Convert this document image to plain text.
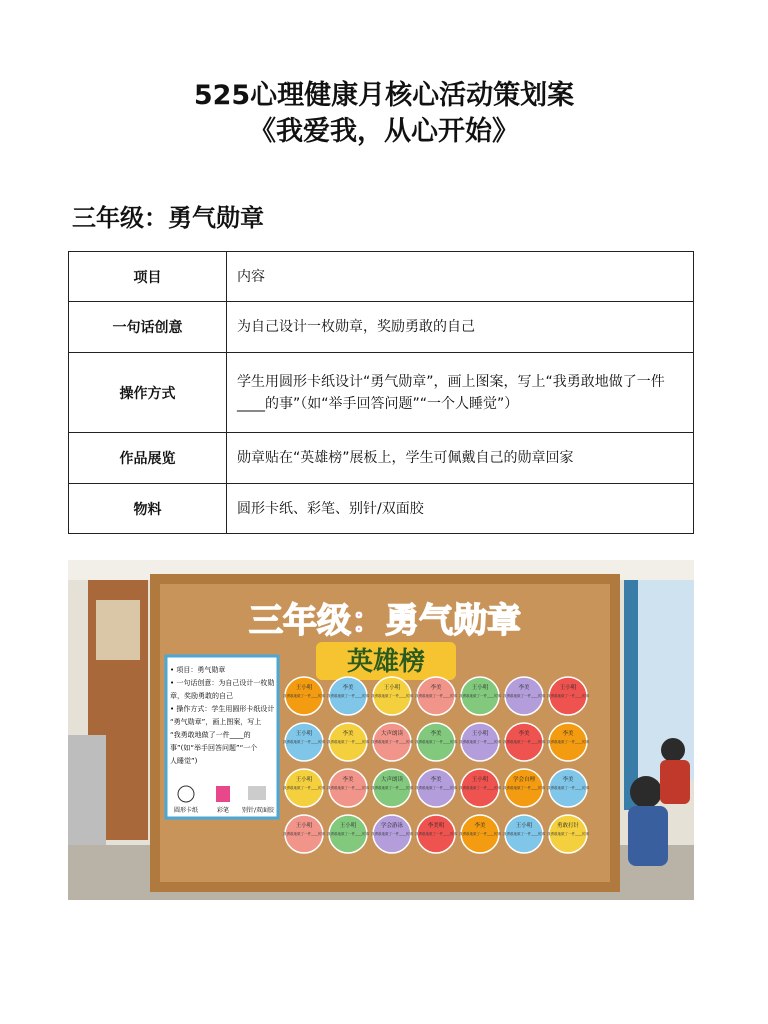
525心理健康月核心活动策划案
《我爱我，从心开始》
三年级：勇气勋章
项目	内容
一句话创意	为自己设计一枚勋章，奖励勇敢的自己
操作方式	学生用圆形卡纸设计“勇气勋章”，画上图案，写上“我勇敢地做了一件____的事”（如“举手回答问题”“一个人睡觉”）
作品展览	勋章贴在“英雄榜”展板上，学生可佩戴自己的勋章回家
物料	圆形卡纸、彩笔、别针/双面胶
三年级：勇气勋章
英雄榜
• 项目：勇气勋章
• 一句话创意：为自己设计一枚勋
章，奖励勇敢的自己
• 操作方式：学生用圆形卡纸设计
“勇气勋章”，画上图案，写上
“我勇敢地做了一件____的
事”(如“举手回答问题”“一个
人睡觉”)
圆形卡纸	彩笔 别针/双面胶
王小明
我勇敢地做了一件____的事
李美
我勇敢地做了一件____的事
王小明
我勇敢地做了一件____的事
李美
我勇敢地做了一件____的事
王小明
我勇敢地做了一件____的事
李美
我勇敢地做了一件____的事
王小明
我勇敢地做了一件____的事
王小明
我勇敢地做了一件____的事
李美
我勇敢地做了一件____的事
大声朗读
我勇敢地做了一件____的事
李美
我勇敢地做了一件____的事
王小明
我勇敢地做了一件____的事
李美
我勇敢地做了一件____的事
李美
我勇敢地做了一件____的事
王小明
我勇敢地做了一件____的事
李美
我勇敢地做了一件____的事
大声朗读
我勇敢地做了一件____的事
李美
我勇敢地做了一件____的事
王小明
我勇敢地做了一件____的事
学会自理
我勇敢地做了一件____的事
李美
我勇敢地做了一件____的事
王小明
我勇敢地做了一件____的事
王小明
我勇敢地做了一件____的事
学会游泳
我勇敢地做了一件____的事
李美明
我勇敢地做了一件____的事
李美
我勇敢地做了一件____的事
王小明
我勇敢地做了一件____的事
勇敢打针
我勇敢地做了一件____的事
